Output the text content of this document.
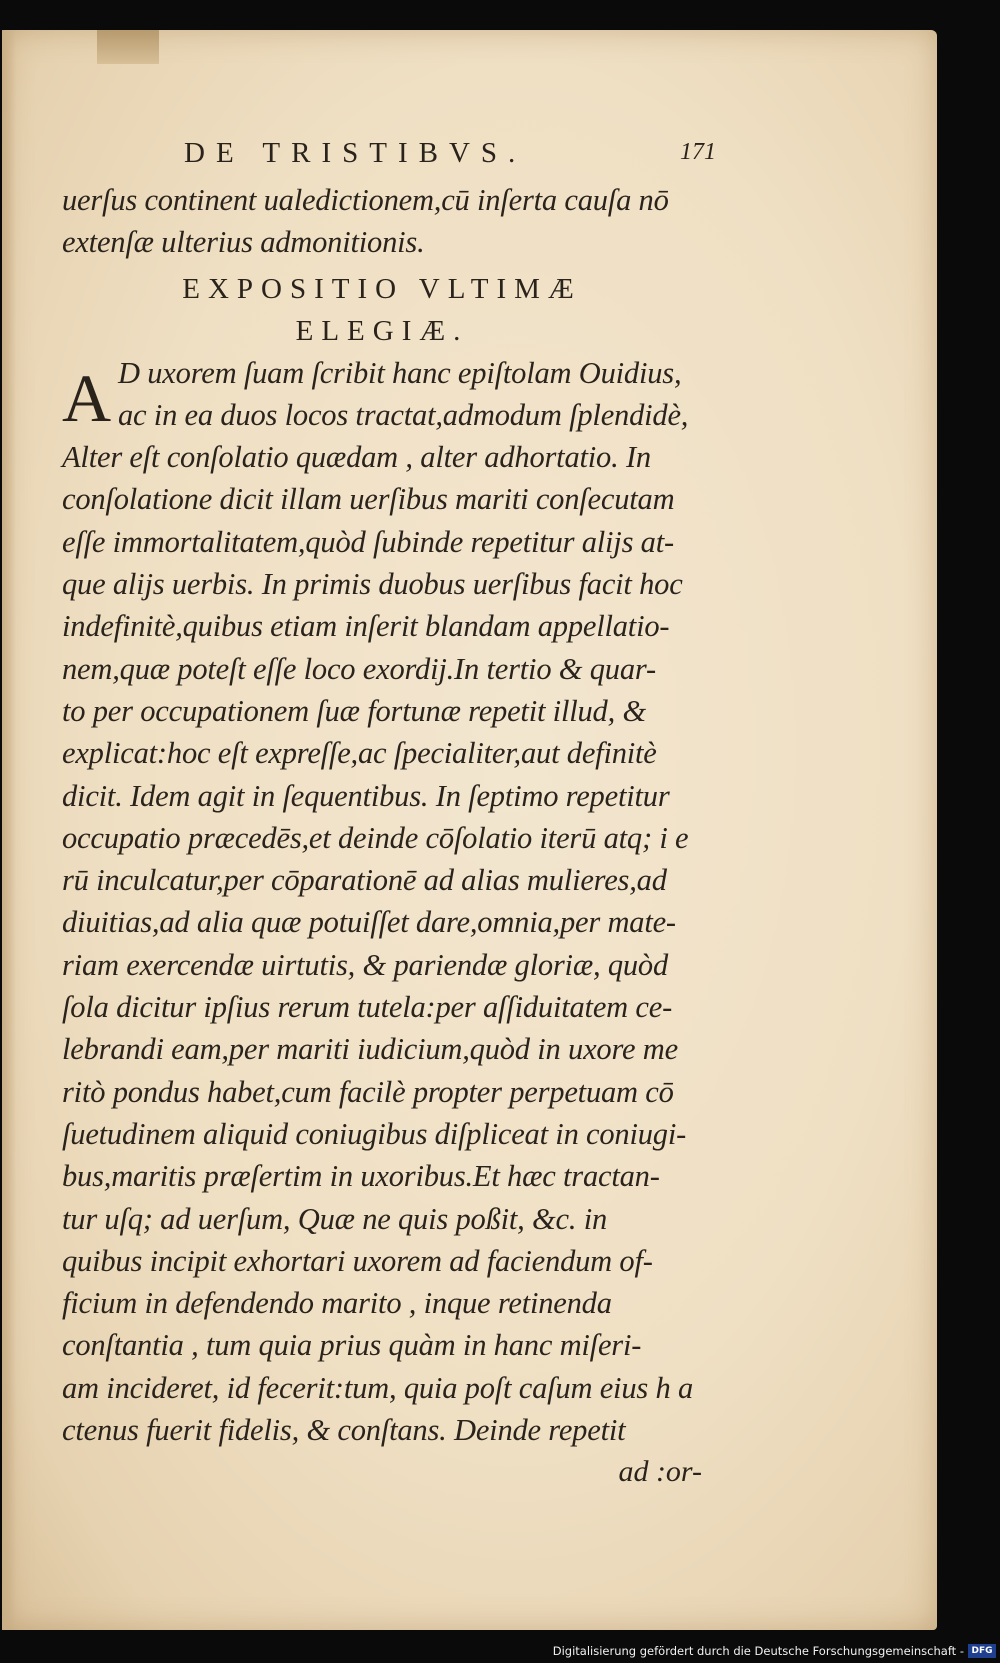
DE TRISTIBVS.	171
uerſus continent ualedictionem,cū inſerta cauſa nō
extenſæ ulterius admonitionis.
EXPOSITIO VLTIMÆ
ELEGIÆ.
A D uxorem ſuam ſcribit hanc epiſtolam Ouidius,
ac in ea duos locos tractat,admodum ſplendidè,
Alter eſt conſolatio quædam , alter adhortatio. In
conſolatione dicit illam uerſibus mariti conſecutam
eſſe immortalitatem,quòd ſubinde repetitur alijs at-
que alijs uerbis. In primis duobus uerſibus facit hoc
indefinitè,quibus etiam inſerit blandam appellatio-
nem,quæ poteſt eſſe loco exordij.In tertio & quar-
to per occupationem ſuæ fortunæ repetit illud, &
explicat:hoc eſt expreſſe,ac ſpecialiter,aut definitè
dicit. Idem agit in ſequentibus. In ſeptimo repetitur
occupatio præcedēs,et deinde cōſolatio iterū atq; i e
rū inculcatur,per cōparationē ad alias mulieres,ad
diuitias,ad alia quæ potuiſſet dare,omnia,per mate-
riam exercendæ uirtutis, & pariendæ gloriæ, quòd
ſola dicitur ipſius rerum tutela:per aſſiduitatem ce-
lebrandi eam,per mariti iudicium,quòd in uxore me
ritò pondus habet,cum facilè propter perpetuam cō
ſuetudinem aliquid coniugibus diſpliceat in coniugi-
bus,maritis præſertim in uxoribus.Et hæc tractan-
tur uſq; ad uerſum, Quæ ne quis poßit, &c. in
quibus incipit exhortari uxorem ad faciendum of-
ficium in defendendo marito , inque retinenda
conſtantia , tum quia prius quàm in hanc miſeri-
am incideret, id fecerit:tum, quia poſt caſum eius h a
ctenus fuerit fidelis, & conſtans. Deinde repetit
ad :or-
Digitalisierung gefördert durch die Deutsche Forschungsgemeinschaft - DFG
